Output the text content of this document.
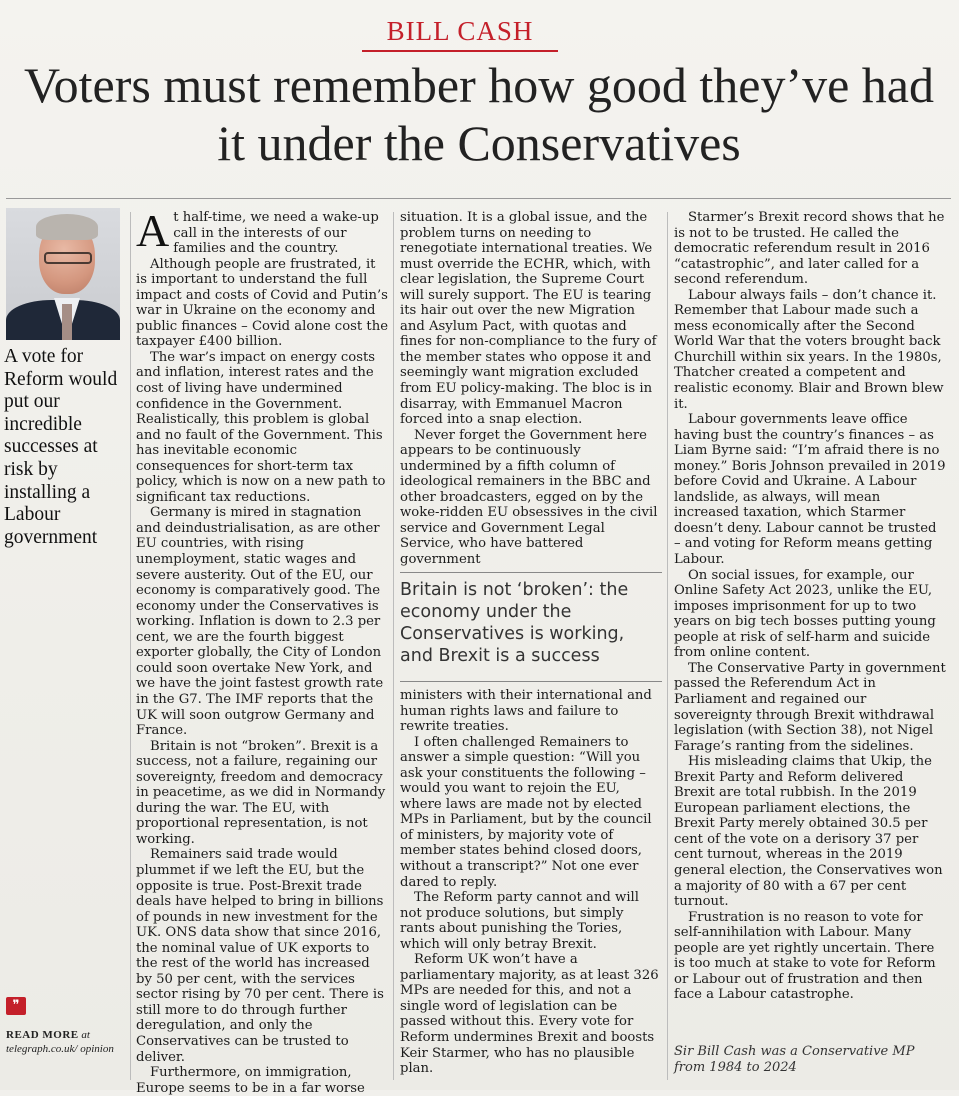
BILL CASH
Voters must remember how good they’ve had it under the Conservatives
A vote for Reform would put our incredible successes at risk by installing a Labour government
❞
READ MORE at telegraph.co.uk/ opinion

At half-time, we need a wake-up call in the interests of our families and the country.

Although people are frustrated, it is important to understand the full impact and costs of Covid and Putin’s war in Ukraine on the economy and public finances – Covid alone cost the taxpayer £400 billion.

The war’s impact on energy costs and inflation, interest rates and the cost of living have undermined confidence in the Government. Realistically, this problem is global and no fault of the Government. This has inevitable economic consequences for short-term tax policy, which is now on a new path to significant tax reductions.

Germany is mired in stagnation and deindustrialisation, as are other EU countries, with rising unemployment, static wages and severe austerity. Out of the EU, our economy is comparatively good. The economy under the Conservatives is working. Inflation is down to 2.3 per cent, we are the fourth biggest exporter globally, the City of London could soon overtake New York, and we have the joint fastest growth rate in the G7. The IMF reports that the UK will soon outgrow Germany and France.

Britain is not “broken”. Brexit is a success, not a failure, regaining our sovereignty, freedom and democracy in peacetime, as we did in Normandy during the war. The EU, with proportional representation, is not working.

Remainers said trade would plummet if we left the EU, but the opposite is true. Post-Brexit trade deals have helped to bring in billions of pounds in new investment for the UK. ONS data show that since 2016, the nominal value of UK exports to the rest of the world has increased by 50 per cent, with the services sector rising by 70 per cent. There is still more to do through further deregulation, and only the Conservatives can be trusted to deliver.

Furthermore, on immigration, Europe seems to be in a far worse

situation. It is a global issue, and the problem turns on needing to renegotiate international treaties. We must override the ECHR, which, with clear legislation, the Supreme Court will surely support. The EU is tearing its hair out over the new Migration and Asylum Pact, with quotas and fines for non-compliance to the fury of the member states who oppose it and seemingly want migration excluded from EU policy-making. The bloc is in disarray, with Emmanuel Macron forced into a snap election.

Never forget the Government here appears to be continuously undermined by a fifth column of ideological remainers in the BBC and other broadcasters, egged on by the woke-ridden EU obsessives in the civil service and Government Legal Service, who have battered government

Britain is not ‘broken’: the economy under the Conservatives is working, and Brexit is a success

ministers with their international and human rights laws and failure to rewrite treaties.

I often challenged Remainers to answer a simple question: “Will you ask your constituents the following – would you want to rejoin the EU, where laws are made not by elected MPs in Parliament, but by the council of ministers, by majority vote of member states behind closed doors, without a transcript?” Not one ever dared to reply.

The Reform party cannot and will not produce solutions, but simply rants about punishing the Tories, which will only betray Brexit.

Reform UK won’t have a parliamentary majority, as at least 326 MPs are needed for this, and not a single word of legislation can be passed without this. Every vote for Reform undermines Brexit and boosts Keir Starmer, who has no plausible plan.

Starmer’s Brexit record shows that he is not to be trusted. He called the democratic referendum result in 2016 “catastrophic”, and later called for a second referendum.

Labour always fails – don’t chance it. Remember that Labour made such a mess economically after the Second World War that the voters brought back Churchill within six years. In the 1980s, Thatcher created a competent and realistic economy. Blair and Brown blew it.

Labour governments leave office having bust the country’s finances – as Liam Byrne said: “I’m afraid there is no money.” Boris Johnson prevailed in 2019 before Covid and Ukraine. A Labour landslide, as always, will mean increased taxation, which Starmer doesn’t deny. Labour cannot be trusted – and voting for Reform means getting Labour.

On social issues, for example, our Online Safety Act 2023, unlike the EU, imposes imprisonment for up to two years on big tech bosses putting young people at risk of self-harm and suicide from online content.

The Conservative Party in government passed the Referendum Act in Parliament and regained our sovereignty through Brexit withdrawal legislation (with Section 38), not Nigel Farage’s ranting from the sidelines.

His misleading claims that Ukip, the Brexit Party and Reform delivered Brexit are total rubbish. In the 2019 European parliament elections, the Brexit Party merely obtained 30.5 per cent of the vote on a derisory 37 per cent turnout, whereas in the 2019 general election, the Conservatives won a majority of 80 with a 67 per cent turnout.

Frustration is no reason to vote for self-annihilation with Labour. Many people are yet rightly uncertain. There is too much at stake to vote for Reform or Labour out of frustration and then face a Labour catastrophe.

Sir Bill Cash was a Conservative MP from 1984 to 2024
